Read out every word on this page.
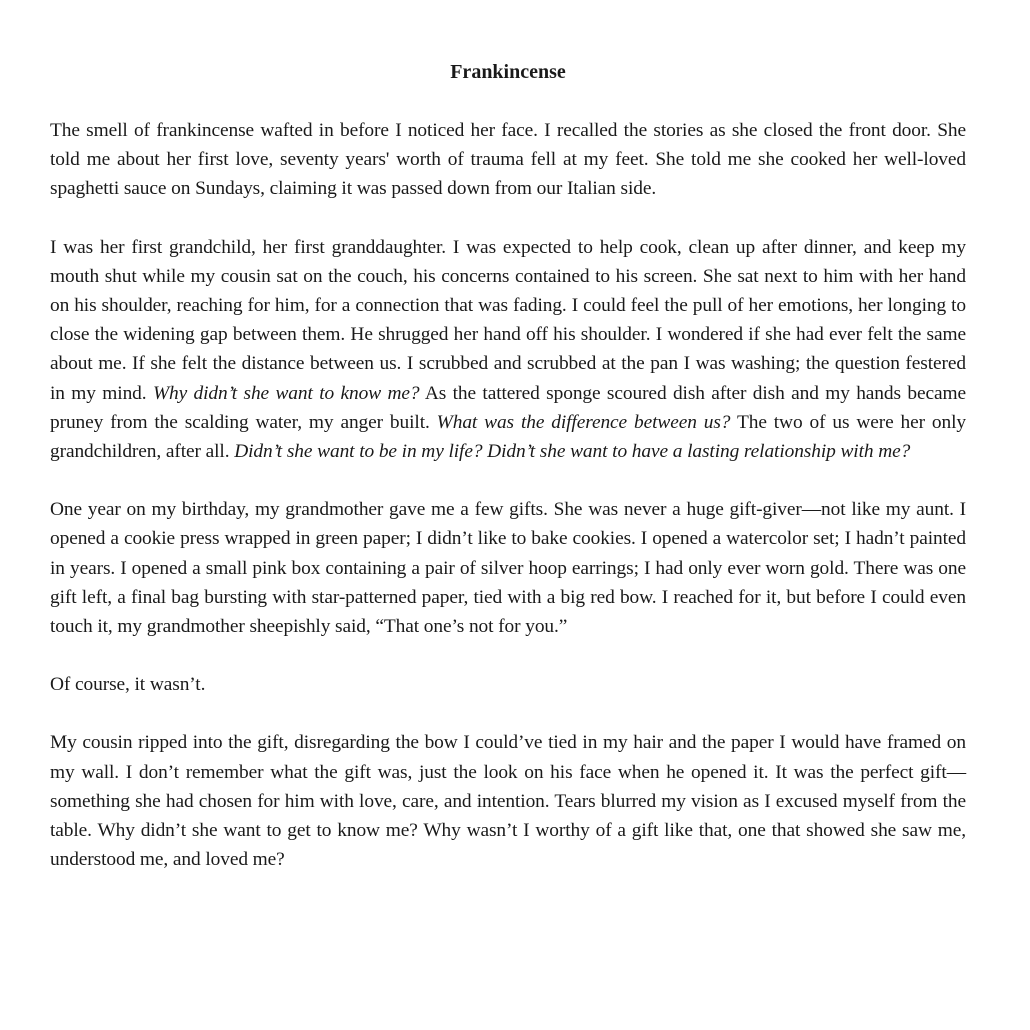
Frankincense

The smell of frankincense wafted in before I noticed her face. I recalled the stories as she closed the front door. She told me about her first love, seventy years' worth of trauma fell at my feet. She told me she cooked her well-loved spaghetti sauce on Sundays, claiming it was passed down from our Italian side.

I was her first grandchild, her first granddaughter. I was expected to help cook, clean up after dinner, and keep my mouth shut while my cousin sat on the couch, his concerns contained to his screen. She sat next to him with her hand on his shoulder, reaching for him, for a connection that was fading. I could feel the pull of her emotions, her longing to close the widening gap between them. He shrugged her hand off his shoulder. I wondered if she had ever felt the same about me. If she felt the distance between us. I scrubbed and scrubbed at the pan I was washing; the question festered in my mind. Why didn’t she want to know me? As the tattered sponge scoured dish after dish and my hands became pruney from the scalding water, my anger built. What was the difference between us? The two of us were her only grandchildren, after all. Didn’t she want to be in my life? Didn’t she want to have a lasting relationship with me?

One year on my birthday, my grandmother gave me a few gifts. She was never a huge gift-giver—not like my aunt. I opened a cookie press wrapped in green paper; I didn’t like to bake cookies. I opened a watercolor set; I hadn’t painted in years. I opened a small pink box containing a pair of silver hoop earrings; I had only ever worn gold. There was one gift left, a final bag bursting with star-patterned paper, tied with a big red bow. I reached for it, but before I could even touch it, my grandmother sheepishly said, “That one’s not for you.”

Of course, it wasn’t.

My cousin ripped into the gift, disregarding the bow I could’ve tied in my hair and the paper I would have framed on my wall. I don’t remember what the gift was, just the look on his face when he opened it. It was the perfect gift—something she had chosen for him with love, care, and intention. Tears blurred my vision as I excused myself from the table. Why didn’t she want to get to know me? Why wasn’t I worthy of a gift like that, one that showed she saw me, understood me, and loved me?
